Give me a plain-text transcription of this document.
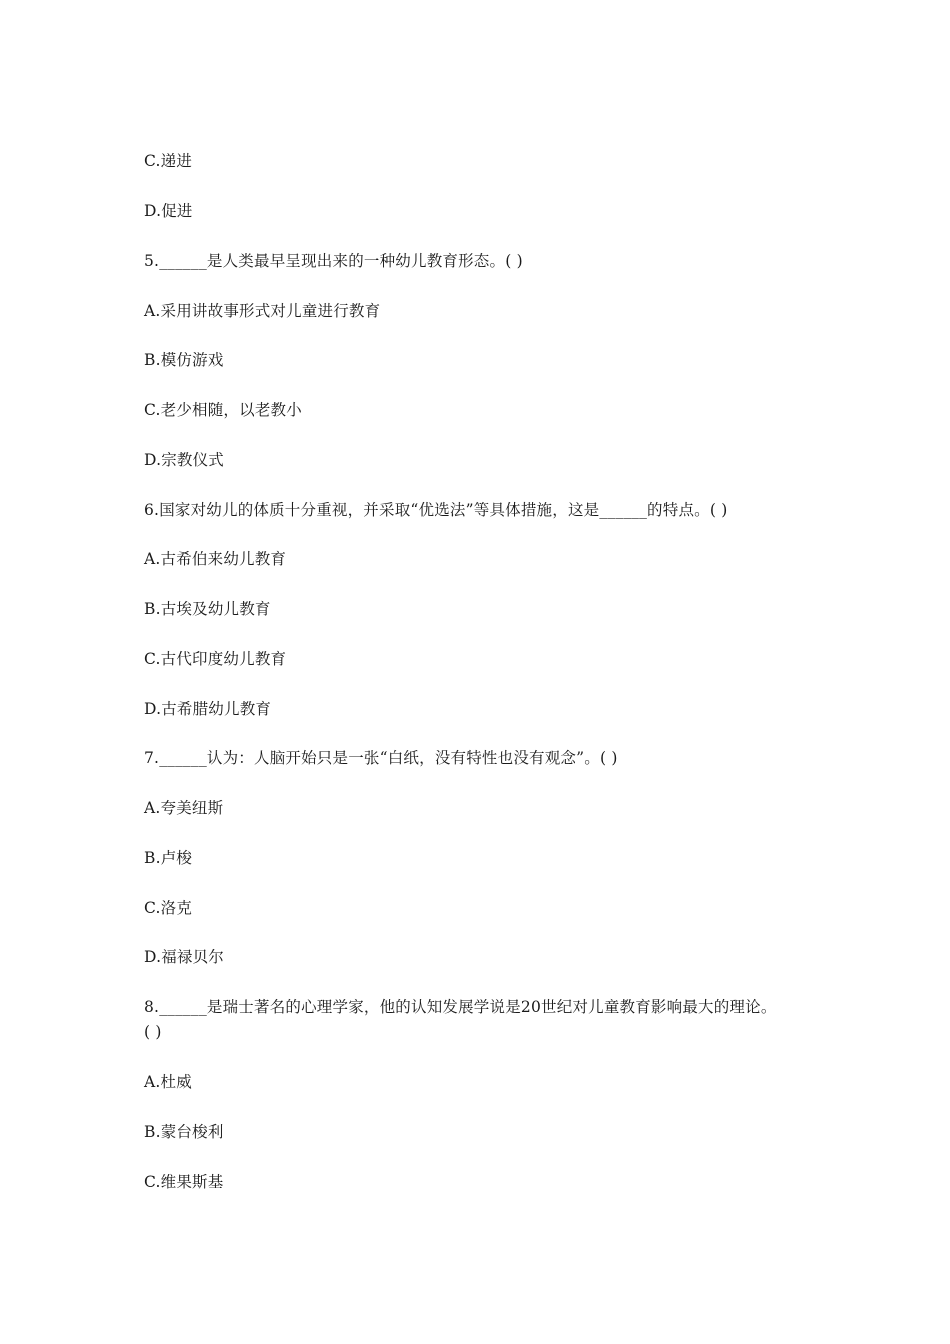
C.递进
D.促进
5.______是人类最早呈现出来的一种幼儿教育形态。( )
A.采用讲故事形式对儿童进行教育
B.模仿游戏
C.老少相随，以老教小
D.宗教仪式
6.国家对幼儿的体质十分重视，并采取“优选法”等具体措施，这是______的特点。( )
A.古希伯来幼儿教育
B.古埃及幼儿教育
C.古代印度幼儿教育
D.古希腊幼儿教育
7.______认为：人脑开始只是一张“白纸，没有特性也没有观念”。( )
A.夸美纽斯
B.卢梭
C.洛克
D.福禄贝尔
8.______是瑞士著名的心理学家，他的认知发展学说是20世纪对儿童教育影响最大的理论。
( )
A.杜威
B.蒙台梭利
C.维果斯基
